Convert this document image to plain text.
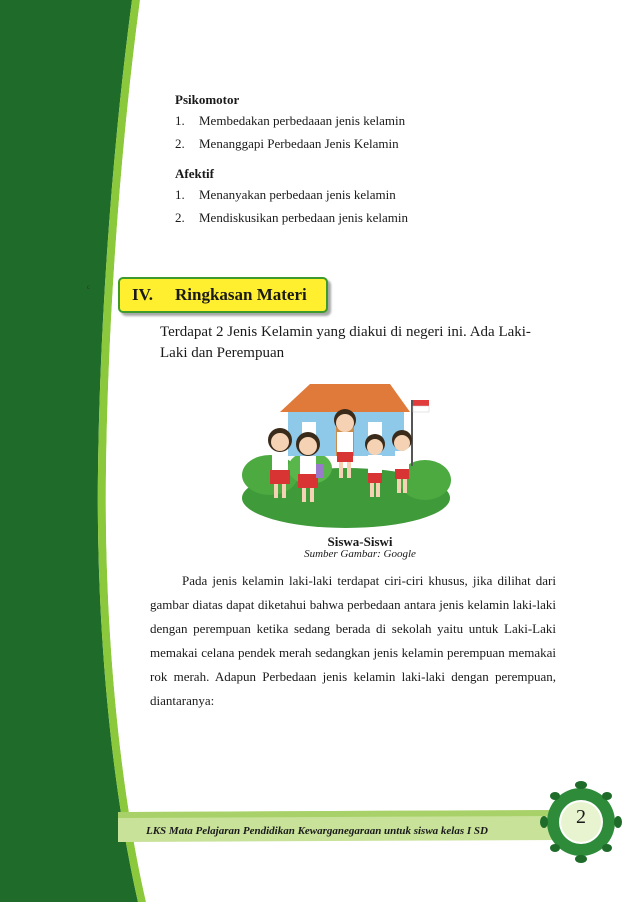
Psikomotor
1. Membedakan perbedaaan jenis kelamin
2. Menanggapi Perbedaan Jenis Kelamin
Afektif
1. Menanyakan perbedaan jenis kelamin
2. Mendiskusikan perbedaan jenis kelamin
c IV. Ringkasan Materi
Terdapat 2 Jenis Kelamin yang diakui di negeri ini. Ada Laki-Laki dan Perempuan
Siswa-Siswi
Sumber Gambar: Google

Pada jenis kelamin laki-laki terdapat ciri-ciri khusus, jika dilihat dari gambar diatas dapat diketahui bahwa perbedaan antara jenis kelamin laki-laki dengan perempuan ketika sedang berada di sekolah yaitu untuk Laki-Laki memakai celana pendek merah sedangkan jenis kelamin perempuan memakai rok merah. Adapun Perbedaan jenis kelamin laki-laki dengan perempuan, diantaranya:

LKS Mata Pelajaran Pendidikan Kewarganegaraan untuk siswa kelas I SD
2
